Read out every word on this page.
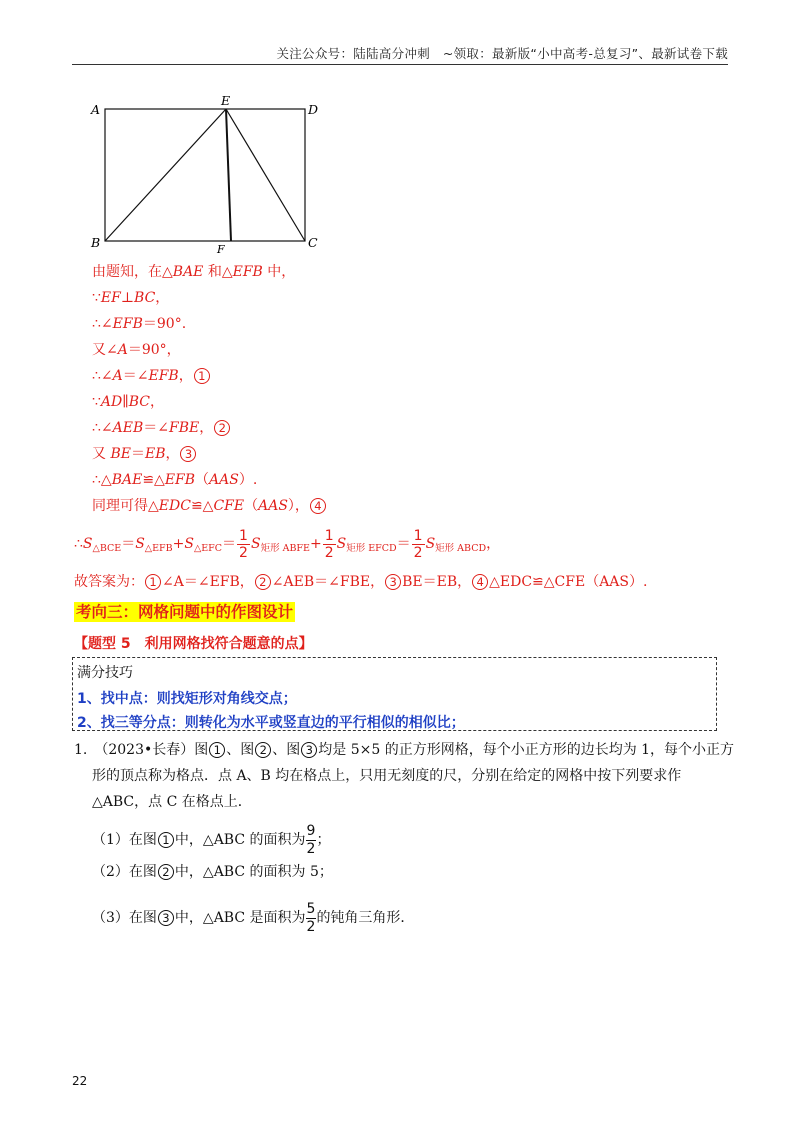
关注公众号：陆陆高分冲刺　~领取：最新版“小中高考-总复习”、最新试卷下载
A
E
D
B	F	C
由题知，在△BAE 和△EFB 中，
∵EF⊥BC，
∴∠EFB＝90°.
又∠A＝90°，
∴∠A＝∠EFB， 1
∵AD∥BC，
∴∠AEB＝∠FBE， 2
又 BE＝EB， 3
∴△BAE≌△EFB（AAS）.
同理可得△EDC≌△CFE（AAS）， 4
$\therefore S_{\triangle BCE}=S_{\triangle EFB}+S_{\triangle EFC}= \frac{1}{2} S_{矩形 ABFE}+ \frac{1}{2} S_{矩形 EFCD}= \frac{1}{2} S_{矩形 ABCD}$，
故答案为： 1 ∠A＝∠EFB， 2 ∠AEB＝∠FBE， 3 BE＝EB， 4 △EDC≌△CFE（AAS）.
考向三：网格问题中的作图设计
【题型 5　利用网格找符合题意的点】
满分技巧
1、找中点：则找矩形对角线交点；
2、找三等分点：则转化为水平或竖直边的平行相似的相似比；
1.　（2023•长春）图 1 、图 2 、图 3 均是 5×5 的正方形网格，每个小正方形的边长均为 1，每个小正方
形的顶点称为格点．点 A、B 均在格点上，只用无刻度的尺，分别在给定的网格中按下列要求作
△ABC，点 C 在格点上．
（1）在图 1 中，△ABC 的面积为 $\frac{9}{2}$ ；
（2）在图 2 中，△ABC 的面积为 5；
（3）在图 3 中，△ABC 是面积为 $\frac{5}{2}$ 的钝角三角形．
22
